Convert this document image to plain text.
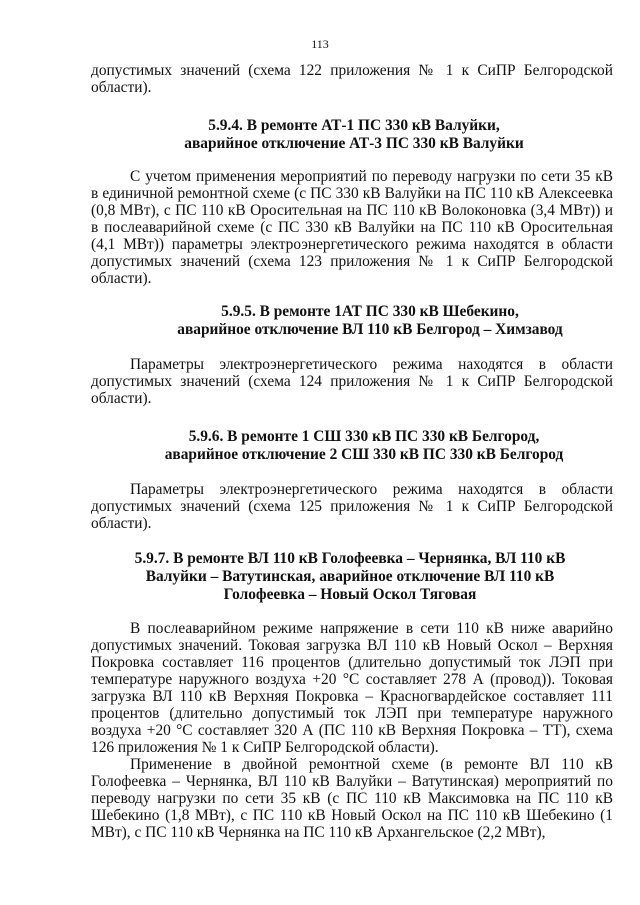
113

допустимых значений (схема 122 приложения № 1 к СиПР Белгородской области).

5.9.4. В ремонте АТ-1 ПС 330 кВ Валуйки,
аварийное отключение АТ-3 ПС 330 кВ Валуйки

С учетом применения мероприятий по переводу нагрузки по сети 35 кВ в единичной ремонтной схеме (с ПС 330 кВ Валуйки на ПС 110 кВ Алексеевка (0,8 МВт), с ПС 110 кВ Оросительная на ПС 110 кВ Волоконовка (3,4 МВт)) и в послеаварийной схеме (с ПС 330 кВ Валуйки на ПС 110 кВ Оросительная (4,1 МВт)) параметры электроэнергетического режима находятся в области допустимых значений (схема 123 приложения № 1 к СиПР Белгородской области).

5.9.5. В ремонте 1АТ ПС 330 кВ Шебекино,
аварийное отключение ВЛ 110 кВ Белгород – Химзавод

Параметры электроэнергетического режима находятся в области допустимых значений (схема 124 приложения № 1 к СиПР Белгородской области).

5.9.6. В ремонте 1 СШ 330 кВ ПС 330 кВ Белгород,
аварийное отключение 2 СШ 330 кВ ПС 330 кВ Белгород

Параметры электроэнергетического режима находятся в области допустимых значений (схема 125 приложения № 1 к СиПР Белгородской области).

5.9.7. В ремонте ВЛ 110 кВ Голофеевка – Чернянка, ВЛ 110 кВ
Валуйки – Ватутинская, аварийное отключение ВЛ 110 кВ
Голофеевка – Новый Оскол Тяговая

В послеаварийном режиме напряжение в сети 110 кВ ниже аварийно допустимых значений. Токовая загрузка ВЛ 110 кВ Новый Оскол – Верхняя Покровка составляет 116 процентов (длительно допустимый ток ЛЭП при температуре наружного воздуха +20 °С составляет 278 А (провод)). Токовая загрузка ВЛ 110 кВ Верхняя Покровка – Красногвардейское составляет 111 процентов (длительно допустимый ток ЛЭП при температуре наружного воздуха +20 °С составляет 320 А (ПС 110 кВ Верхняя Покровка – ТТ), схема 126 приложения № 1 к СиПР Белгородской области).

Применение в двойной ремонтной схеме (в ремонте ВЛ 110 кВ Голофеевка – Чернянка, ВЛ 110 кВ Валуйки – Ватутинская) мероприятий по переводу нагрузки по сети 35 кВ (с ПС 110 кВ Максимовка на ПС 110 кВ Шебекино (1,8 МВт), с ПС 110 кВ Новый Оскол на ПС 110 кВ Шебекино (1 МВт), с ПС 110 кВ Чернянка на ПС 110 кВ Архангельское (2,2 МВт),
